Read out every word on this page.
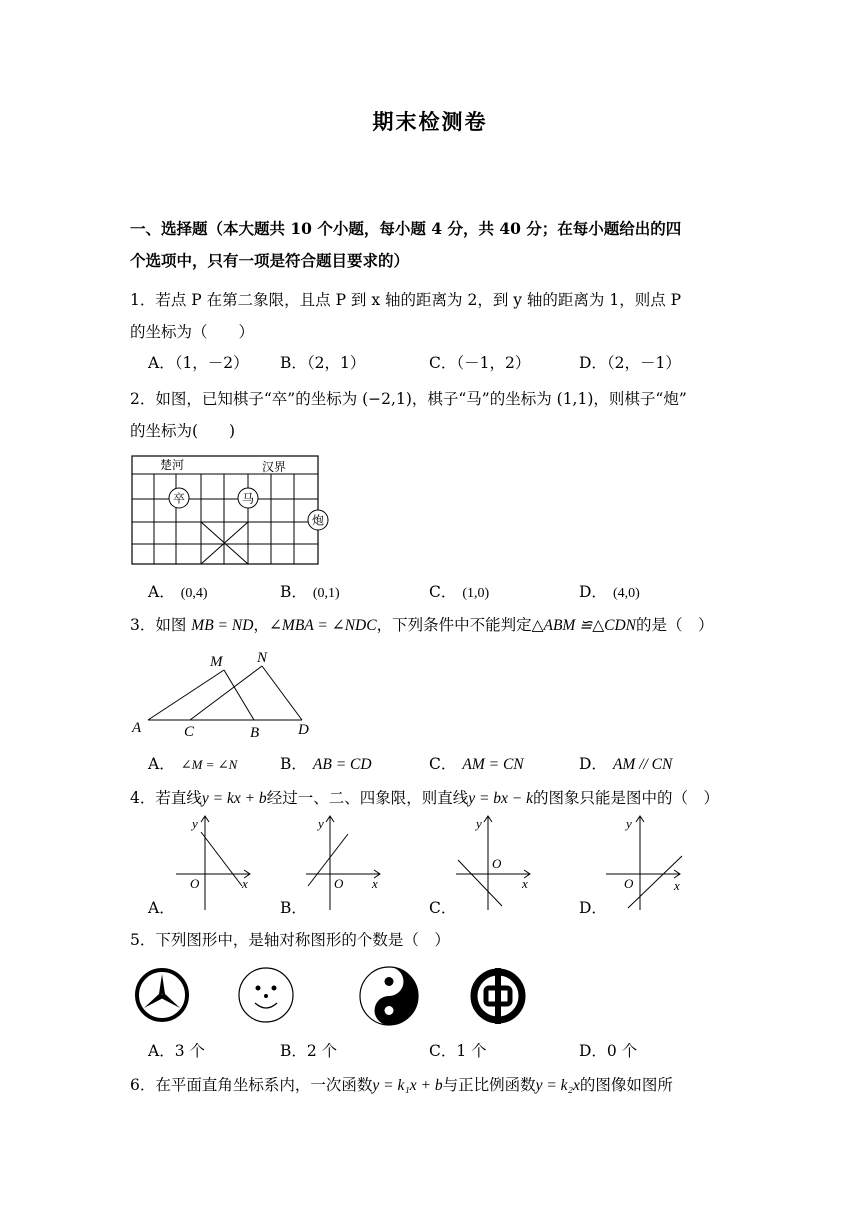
期末检测卷
一、选择题（本大题共 10 个小题，每小题 4 分，共 40 分；在每小题给出的四
个选项中，只有一项是符合题目要求的）
1．若点 P 在第二象限，且点 P 到 x 轴的距离为 2，到 y 轴的距离为 1，则点 P
的坐标为（　　）
A．（1，－2） B．（2，1）	C．（－1，2）	D．（2，－1）
2．如图，已知棋子“卒”的坐标为 (−2,1)，棋子“马”的坐标为 (1,1)，则棋子“炮”
的坐标为(　　)
楚河	汉界
卒	马
炮
A． (0,4)	B． (0,1)	C． (1,0)	D． (4,0)
3．如图 MB = ND，∠MBA = ∠NDC，下列条件中不能判定△ABM ≌△CDN的是（　）
M N
A	C	B	D
A． ∠M = ∠N	B． AB = CD	C． AM = CN	D． AM // CN
4．若直线y = kx + b经过一、二、四象限，则直线y = bx − k的图象只能是图中的（　）
y
x
O
A．
y
x
O
B．
y
x
O
C．
y
x
O
D．
5．下列图形中，是轴对称图形的个数是（　）
A．3 个	B．2 个	C．1 个	D．0 个
6．在平面直角坐标系内，一次函数y = k₁x + b与正比例函数y = k₂x的图像如图所
